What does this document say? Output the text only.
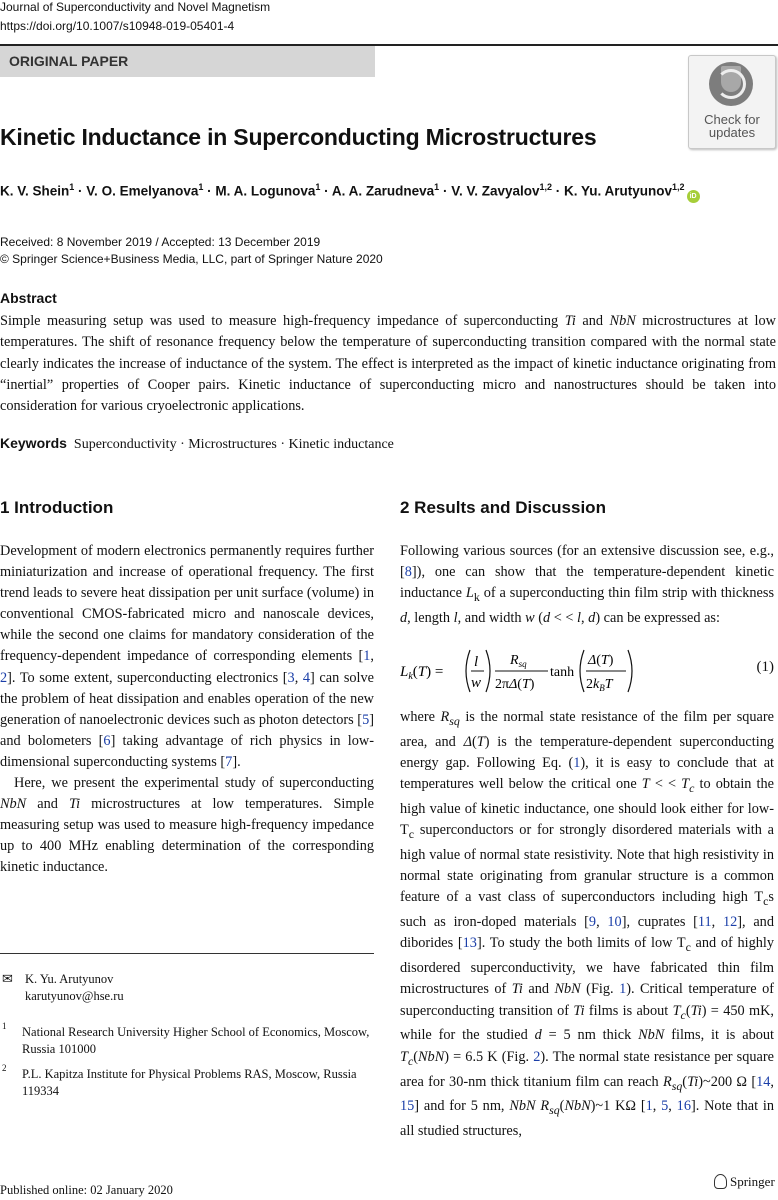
Journal of Superconductivity and Novel Magnetism
https://doi.org/10.1007/s10948-019-05401-4
ORIGINAL PAPER
Check for
updates
Kinetic Inductance in Superconducting Microstructures
K. V. Shein$^1$ · V. O. Emelyanova$^1$ · M. A. Logunova$^1$ · A. A. Zarudneva$^1$ · V. V. Zavyalov$^{1,2}$ · K. Yu. Arutyunov$^{1,2}$iD
Received: 8 November 2019 / Accepted: 13 December 2019
© Springer Science+Business Media, LLC, part of Springer Nature 2020
Abstract
Simple measuring setup was used to measure high-frequency impedance of superconducting Ti and NbN microstructures at low temperatures. The shift of resonance frequency below the temperature of superconducting transition compared with the normal state clearly indicates the increase of inductance of the system. The effect is interpreted as the impact of kinetic inductance originating from “inertial” properties of Cooper pairs. Kinetic inductance of superconducting micro and nanostructures should be taken into consideration for various cryoelectronic applications.
Keywords Superconductivity · Microstructures · Kinetic inductance
1 Introduction	2 Results and Discussion

Development of modern electronics permanently requires further miniaturization and increase of operational frequency. The first trend leads to severe heat dissipation per unit surface (volume) in conventional CMOS-fabricated micro and nanoscale devices, while the second one claims for mandatory consideration of the frequency-dependent impedance of corresponding elements [1, 2]. To some extent, superconducting electronics [3, 4] can solve the problem of heat dissipation and enables operation of the new generation of nanoelectronic devices such as photon detectors [5] and bolometers [6] taking advantage of rich physics in low-dimensional superconducting systems [7].

Here, we present the experimental study of superconducting NbN and Ti microstructures at low temperatures. Simple measuring setup was used to measure high-frequency impedance up to 400 MHz enabling determination of the corresponding kinetic inductance.

Following various sources (for an extensive discussion see, e.g., [8]), one can show that the temperature-dependent kinetic inductance $L_k$ of a superconducting thin film strip with thickness d, length l, and width w (d < < l, d) can be expressed as:

$L_k(T)$ =
l
w
$R_{sq}$
2πΔ(T)
tanh
Δ(T)
$2k_BT$
(1)
where $R_{sq}$ is the normal state resistance of the film per square area, and Δ(T) is the temperature-dependent superconducting energy gap. Following Eq. (1), it is easy to conclude that at temperatures well below the critical one T < < $T_c$ to obtain the high value of kinetic inductance, one should look either for low-$T_c$ superconductors or for strongly disordered materials with a high value of normal state resistivity. Note that high resistivity in normal state originating from granular structure is a common feature of a vast class of superconductors including high $T_cs$ such as iron-doped materials [9, 10], cuprates [11, 12], and diborides [13]. To study the both limits of low $T_c$ and of highly disordered superconductivity, we have fabricated thin film microstructures of Ti and NbN (Fig. 1). Critical temperature of superconducting transition of Ti films is about $T_c(Ti) = 450$ mK, while for the studied d = 5 nm thick NbN films, it is about $T_c(NbN) = 6.5$ K (Fig. 2). The normal state resistance per square area for 30-nm thick titanium film can reach $R_{sq}(Ti)\sim 200$ Ω [14, 15] and for 5 nm, NbN $R_{sq}(NbN)\sim 1$ KΩ [1, 5, 16]. Note that in all studied structures,
✉ K. Yu. Arutyunov
karutyunov@hse.ru
1 National Research University Higher School of Economics, Moscow, Russia 101000
2 P.L. Kapitza Institute for Physical Problems RAS, Moscow, Russia 119334
Published online: 02 January 2020
Springer
